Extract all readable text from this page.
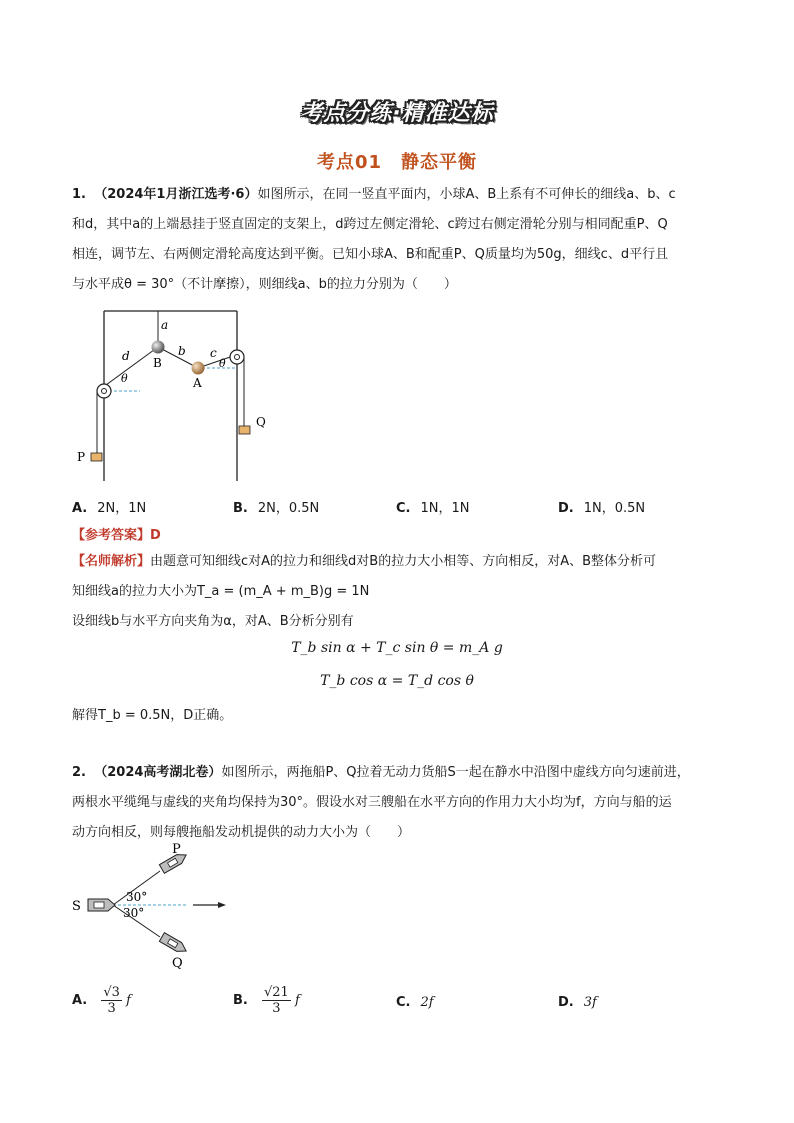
考点分练·精准达标
考点01　静态平衡
1. （2024年1月浙江选考·6）如图所示，在同一竖直平面内，小球A、B上系有不可伸长的细线a、b、c
和d，其中a的上端悬挂于竖直固定的支架上，d跨过左侧定滑轮、c跨过右侧定滑轮分别与相同配重P、Q
相连，调节左、右两侧定滑轮高度达到平衡。已知小球A、B和配重P、Q质量均为50g，细线c、d平行且
与水平成θ = 30°（不计摩擦），则细线a、b的拉力分别为（　　）
a
d	b c
B
A
θ
θ
P
Q
A. 2N，1N	B. 2N，0.5N	C. 1N，1N	D. 1N，0.5N
【参考答案】D
【名师解析】由题意可知细线c对A的拉力和细线d对B的拉力大小相等、方向相反，对A、B整体分析可
知细线a的拉力大小为T_a = (m_A + m_B)g = 1N
设细线b与水平方向夹角为α，对A、B分析分别有
T_b sin α + T_c sin θ = m_A g
T_b cos α = T_d cos θ
解得T_b = 0.5N，D正确。
2. （2024高考湖北卷）如图所示，两拖船P、Q拉着无动力货船S一起在静水中沿图中虚线方向匀速前进，
两根水平缆绳与虚线的夹角均保持为30°。假设水对三艘船在水平方向的作用力大小均为f，方向与船的运
动方向相反，则每艘拖船发动机提供的动力大小为（　　）
S
P
Q
30°
30°
A. $\frac{√3}{3}$ f	B. $\frac{√21}{3}$ f	C. 2f	D. 3f
